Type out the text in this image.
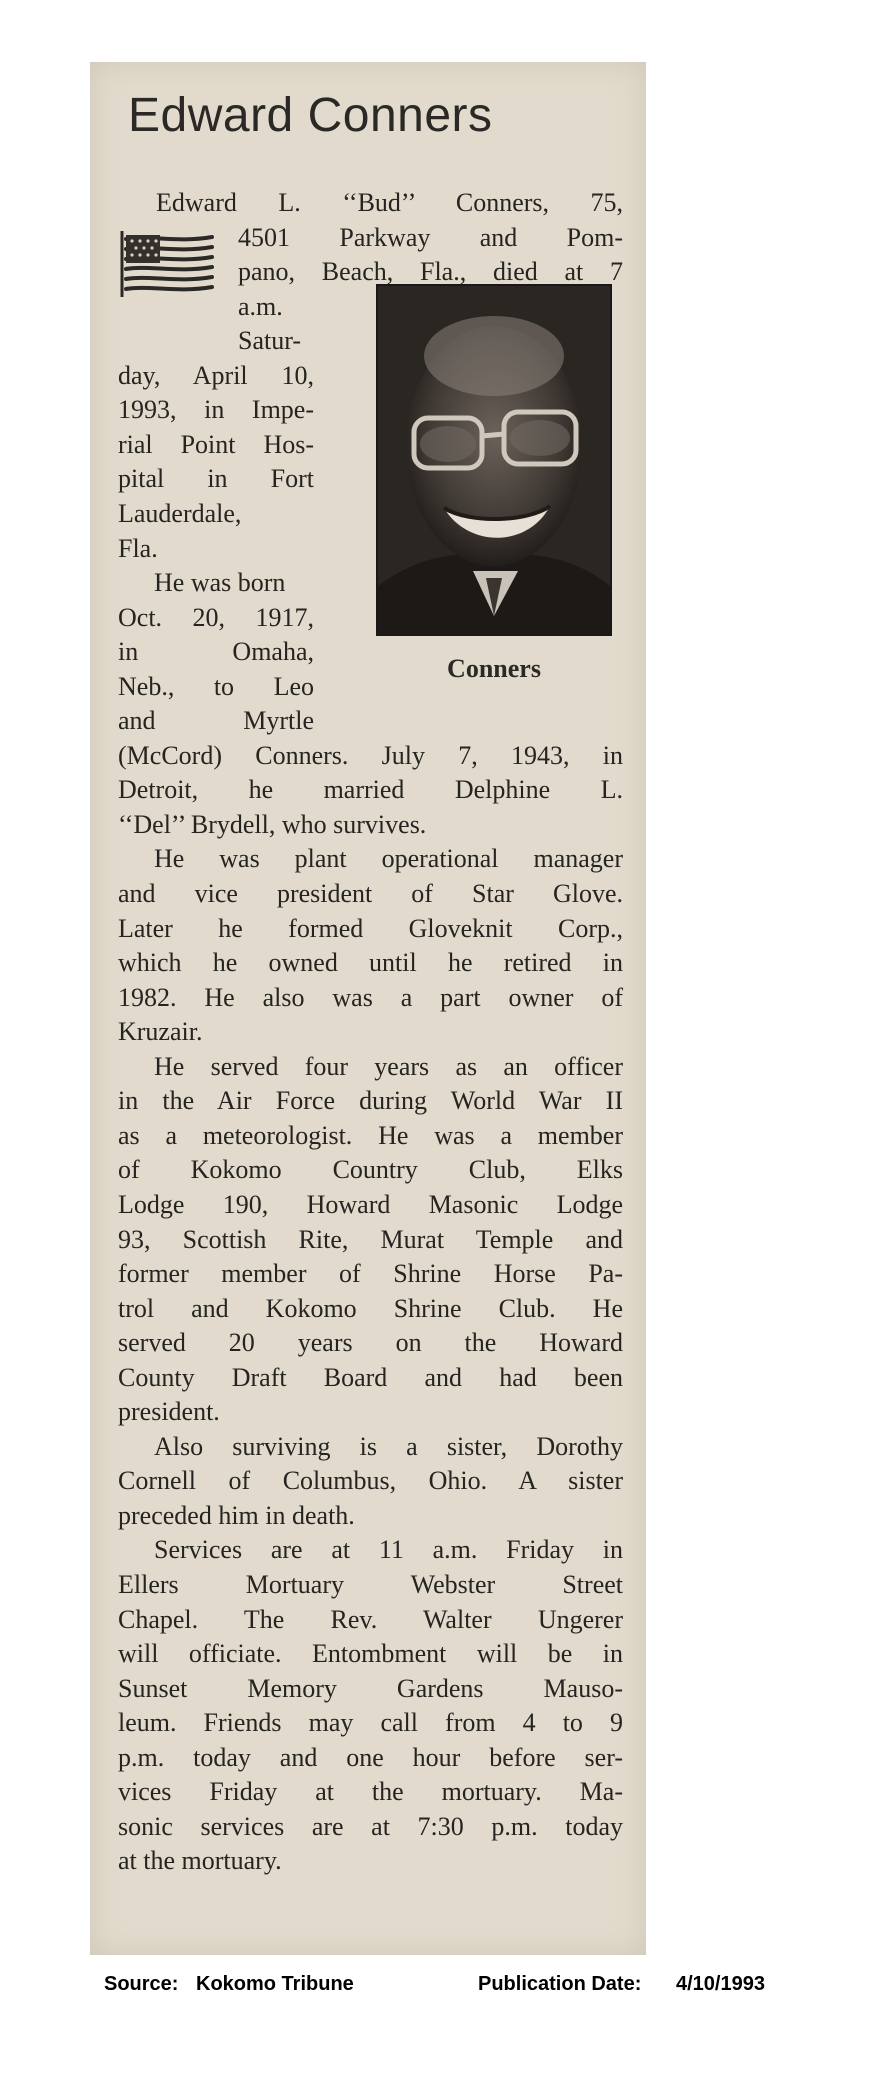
Edward Conners
Conners
Edward L. ‘‘Bud’’ Conners, 75,
4501 Parkway and Pom-
pano, Beach, Fla., died at 7
a.m.
Satur-
day, April 10,
1993, in Impe-
rial Point Hos-
pital in Fort
Lauderdale,
Fla.
He was born
Oct. 20, 1917,
in Omaha,
Neb., to Leo
and Myrtle
(McCord) Conners. July 7, 1943, in
Detroit, he married Delphine L.
‘‘Del’’ Brydell, who survives.
He was plant operational manager
and vice president of Star Glove.
Later he formed Gloveknit Corp.,
which he owned until he retired in
1982. He also was a part owner of
Kruzair.
He served four years as an officer
in the Air Force during World War II
as a meteorologist. He was a member
of Kokomo Country Club, Elks
Lodge 190, Howard Masonic Lodge
93, Scottish Rite, Murat Temple and
former member of Shrine Horse Pa-
trol and Kokomo Shrine Club. He
served 20 years on the Howard
County Draft Board and had been
president.
Also surviving is a sister, Dorothy
Cornell of Columbus, Ohio. A sister
preceded him in death.
Services are at 11 a.m. Friday in
Ellers Mortuary Webster Street
Chapel. The Rev. Walter Ungerer
will officiate. Entombment will be in
Sunset Memory Gardens Mauso-
leum. Friends may call from 4 to 9
p.m. today and one hour before ser-
vices Friday at the mortuary. Ma-
sonic services are at 7:30 p.m. today
at the mortuary.
Source: Kokomo Tribune	Publication Date: 4/10/1993
